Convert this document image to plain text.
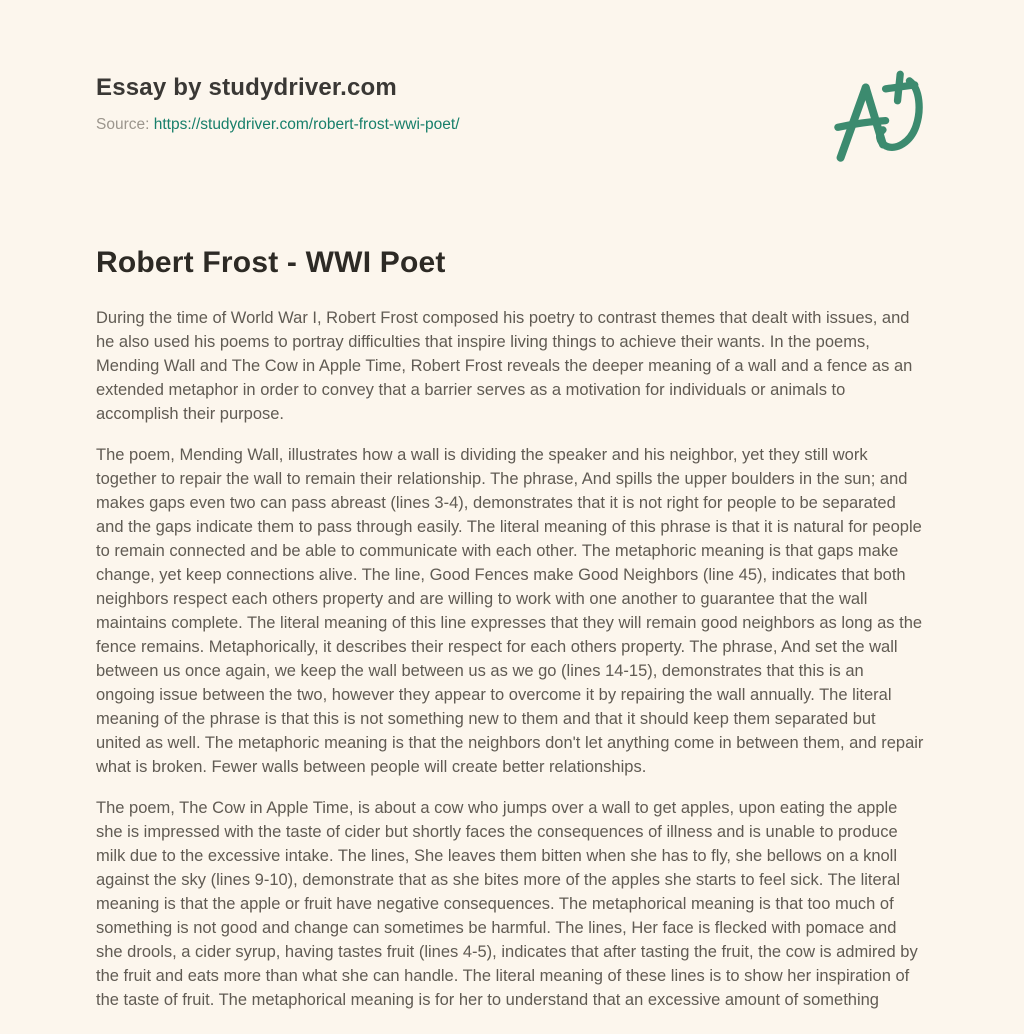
Essay by studydriver.com
Source: https://studydriver.com/robert-frost-wwi-poet/
Robert Frost - WWI Poet

During the time of World War I, Robert Frost composed his poetry to contrast themes that dealt with issues, and he also used his poems to portray difficulties that inspire living things to achieve their wants. In the poems, Mending Wall and The Cow in Apple Time, Robert Frost reveals the deeper meaning of a wall and a fence as an extended metaphor in order to convey that a barrier serves as a motivation for individuals or animals to accomplish their purpose.

The poem, Mending Wall, illustrates how a wall is dividing the speaker and his neighbor, yet they still work together to repair the wall to remain their relationship. The phrase, And spills the upper boulders in the sun; and makes gaps even two can pass abreast (lines 3-4), demonstrates that it is not right for people to be separated and the gaps indicate them to pass through easily. The literal meaning of this phrase is that it is natural for people to remain connected and be able to communicate with each other. The metaphoric meaning is that gaps make change, yet keep connections alive. The line, Good Fences make Good Neighbors (line 45), indicates that both neighbors respect each others property and are willing to work with one another to guarantee that the wall maintains complete. The literal meaning of this line expresses that they will remain good neighbors as long as the fence remains. Metaphorically, it describes their respect for each others property. The phrase, And set the wall between us once again, we keep the wall between us as we go (lines 14-15), demonstrates that this is an ongoing issue between the two, however they appear to overcome it by repairing the wall annually. The literal meaning of the phrase is that this is not something new to them and that it should keep them separated but united as well. The metaphoric meaning is that the neighbors don't let anything come in between them, and repair what is broken. Fewer walls between people will create better relationships.

The poem, The Cow in Apple Time, is about a cow who jumps over a wall to get apples, upon eating the apple she is impressed with the taste of cider but shortly faces the consequences of illness and is unable to produce milk due to the excessive intake. The lines, She leaves them bitten when she has to fly, she bellows on a knoll against the sky (lines 9-10), demonstrate that as she bites more of the apples she starts to feel sick. The literal meaning is that the apple or fruit have negative consequences. The metaphorical meaning is that too much of something is not good and change can sometimes be harmful. The lines, Her face is flecked with pomace and she drools, a cider syrup, having tastes fruit (lines 4-5), indicates that after tasting the fruit, the cow is admired by the fruit and eats more than what she can handle. The literal meaning of these lines is to show her inspiration of the taste of fruit. The metaphorical meaning is for her to understand that an excessive amount of something
